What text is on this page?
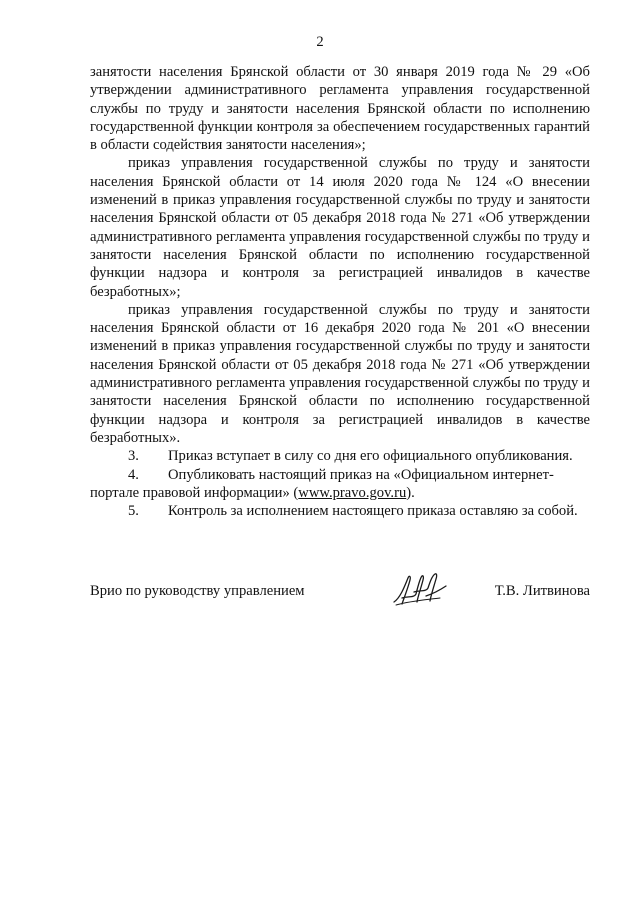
2

занятости населения Брянской области от 30 января 2019 года № 29 «Об утверждении административного регламента управления государственной службы по труду и занятости населения Брянской области по исполнению государственной функции контроля за обеспечением государственных гарантий в области содействия занятости населения»;

приказ управления государственной службы по труду и занятости населения Брянской области от 14 июля 2020 года № 124 «О внесении изменений в приказ управления государственной службы по труду и занятости населения Брянской области от 05 декабря 2018 года № 271 «Об утверждении административного регламента управления государственной службы по труду и занятости населения Брянской области по исполнению государственной функции надзора и контроля за регистрацией инвалидов в качестве безработных»;

приказ управления государственной службы по труду и занятости населения Брянской области от 16 декабря 2020 года № 201 «О внесении изменений в приказ управления государственной службы по труду и занятости населения Брянской области от 05 декабря 2018 года № 271 «Об утверждении административного регламента управления государственной службы по труду и занятости населения Брянской области по исполнению государственной функции надзора и контроля за регистрацией инвалидов в качестве безработных».

3.	Приказ вступает в силу со дня его официального опубликования.
4.	Опубликовать настоящий приказ на «Официальном интернет-

портале правовой информации» (www.pravo.gov.ru).

5.	Контроль за исполнением настоящего приказа оставляю за собой.
Врио по руководству управлением	Т.В. Литвинова
